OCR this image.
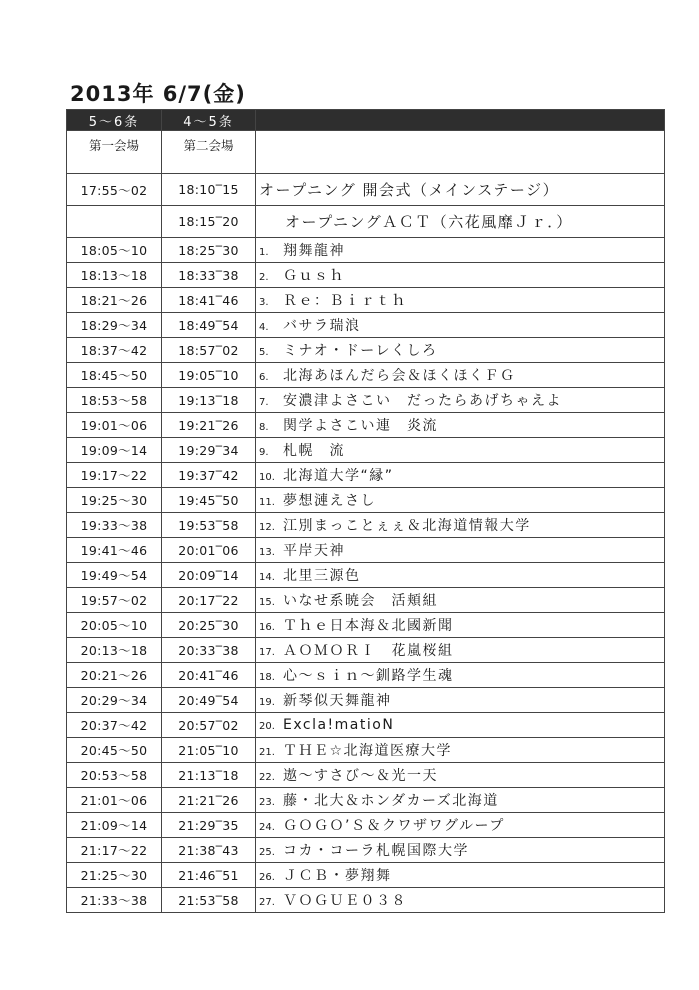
2013年 6/7(金)
5～6条	4～5条	
第一会場	第二会場	
17:55～02	18:10‾15	オープニング 開会式（メインステージ）
	18:15‾20	オープニングＡＣＴ（六花風靡Ｊｒ．）
18:05～10	18:25‾30	1. 翔舞龍神
18:13～18	18:33‾38	2. Ｇｕｓｈ
18:21～26	18:41‾46	3. Ｒｅ：Ｂｉｒｔｈ
18:29～34	18:49‾54	4. バサラ瑞浪
18:37～42	18:57‾02	5. ミナオ・ドーレくしろ
18:45～50	19:05‾10	6. 北海あほんだら会＆ほくほくＦＧ
18:53～58	19:13‾18	7. 安濃津よさこい　だったらあげちゃえよ
19:01～06	19:21‾26	8. 関学よさこい連　炎流
19:09～14	19:29‾34	9. 札幌　流
19:17～22	19:37‾42	10. 北海道大学“縁”
19:25～30	19:45‾50	11. 夢想漣えさし
19:33～38	19:53‾58	12. 江別まっことぇぇ＆北海道情報大学
19:41～46	20:01‾06	13. 平岸天神
19:49～54	20:09‾14	14. 北里三源色
19:57～02	20:17‾22	15. いなせ系暁会　活頬組
20:05～10	20:25‾30	16. Ｔｈｅ日本海＆北國新聞
20:13～18	20:33‾38	17. ＡＯＭＯＲＩ　花嵐桜組
20:21～26	20:41‾46	18. 心～ｓｉｎ～釧路学生魂
20:29～34	20:49‾54	19. 新琴似天舞龍神
20:37～42	20:57‾02	20. Excla!matioN
20:45～50	21:05‾10	21. ＴＨＥ☆北海道医療大学
20:53～58	21:13‾18	22. 遨～すさび～＆光一天
21:01～06	21:21‾26	23. 藤・北大＆ホンダカーズ北海道
21:09～14	21:29‾35	24. ＧＯＧＯ’Ｓ＆クワザワグループ
21:17～22	21:38‾43	25. コカ・コーラ札幌国際大学
21:25～30	21:46‾51	26. ＪＣＢ・夢翔舞
21:33～38	21:53‾58	27. ＶＯＧＵＥ０３８
